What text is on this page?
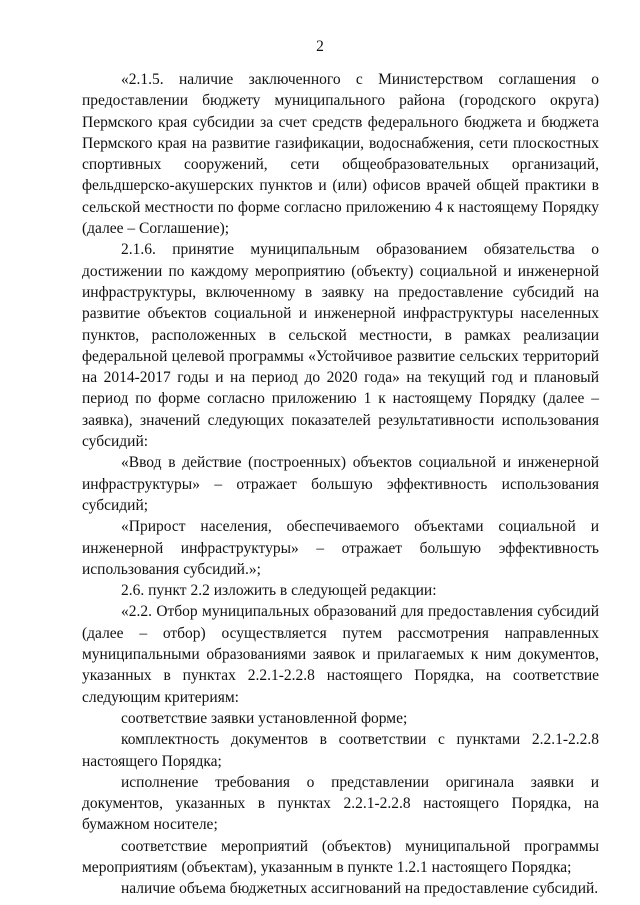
2

«2.1.5. наличие заключенного с Министерством соглашения о предоставлении бюджету муниципального района (городского округа) Пермского края субсидии за счет средств федерального бюджета и бюджета Пермского края на развитие газификации, водоснабжения, сети плоскостных спортивных сооружений, сети общеобразовательных организаций, фельдшерско-акушерских пунктов и (или) офисов врачей общей практики в сельской местности по форме согласно приложению 4 к настоящему Порядку (далее – Соглашение);

2.1.6. принятие муниципальным образованием обязательства о достижении по каждому мероприятию (объекту) социальной и инженерной инфраструктуры, включенному в заявку на предоставление субсидий на развитие объектов социальной и инженерной инфраструктуры населенных пунктов, расположенных в сельской местности, в рамках реализации федеральной целевой программы «Устойчивое развитие сельских территорий на 2014-2017 годы и на период до 2020 года» на текущий год и плановый период по форме согласно приложению 1 к настоящему Порядку (далее – заявка), значений следующих показателей результативности использования субсидий:

«Ввод в действие (построенных) объектов социальной и инженерной инфраструктуры» – отражает большую эффективность использования субсидий;

«Прирост населения, обеспечиваемого объектами социальной и инженерной инфраструктуры» – отражает большую эффективность использования субсидий.»;

2.6. пункт 2.2 изложить в следующей редакции:

«2.2. Отбор муниципальных образований для предоставления субсидий (далее – отбор) осуществляется путем рассмотрения направленных муниципальными образованиями заявок и прилагаемых к ним документов, указанных в пунктах 2.2.1-2.2.8 настоящего Порядка, на соответствие следующим критериям:

соответствие заявки установленной форме;

комплектность документов в соответствии с пунктами 2.2.1-2.2.8 настоящего Порядка;

исполнение требования о представлении оригинала заявки и документов, указанных в пунктах 2.2.1-2.2.8 настоящего Порядка, на бумажном носителе;

соответствие мероприятий (объектов) муниципальной программы мероприятиям (объектам), указанным в пункте 1.2.1 настоящего Порядка;

наличие объема бюджетных ассигнований на предоставление субсидий.
